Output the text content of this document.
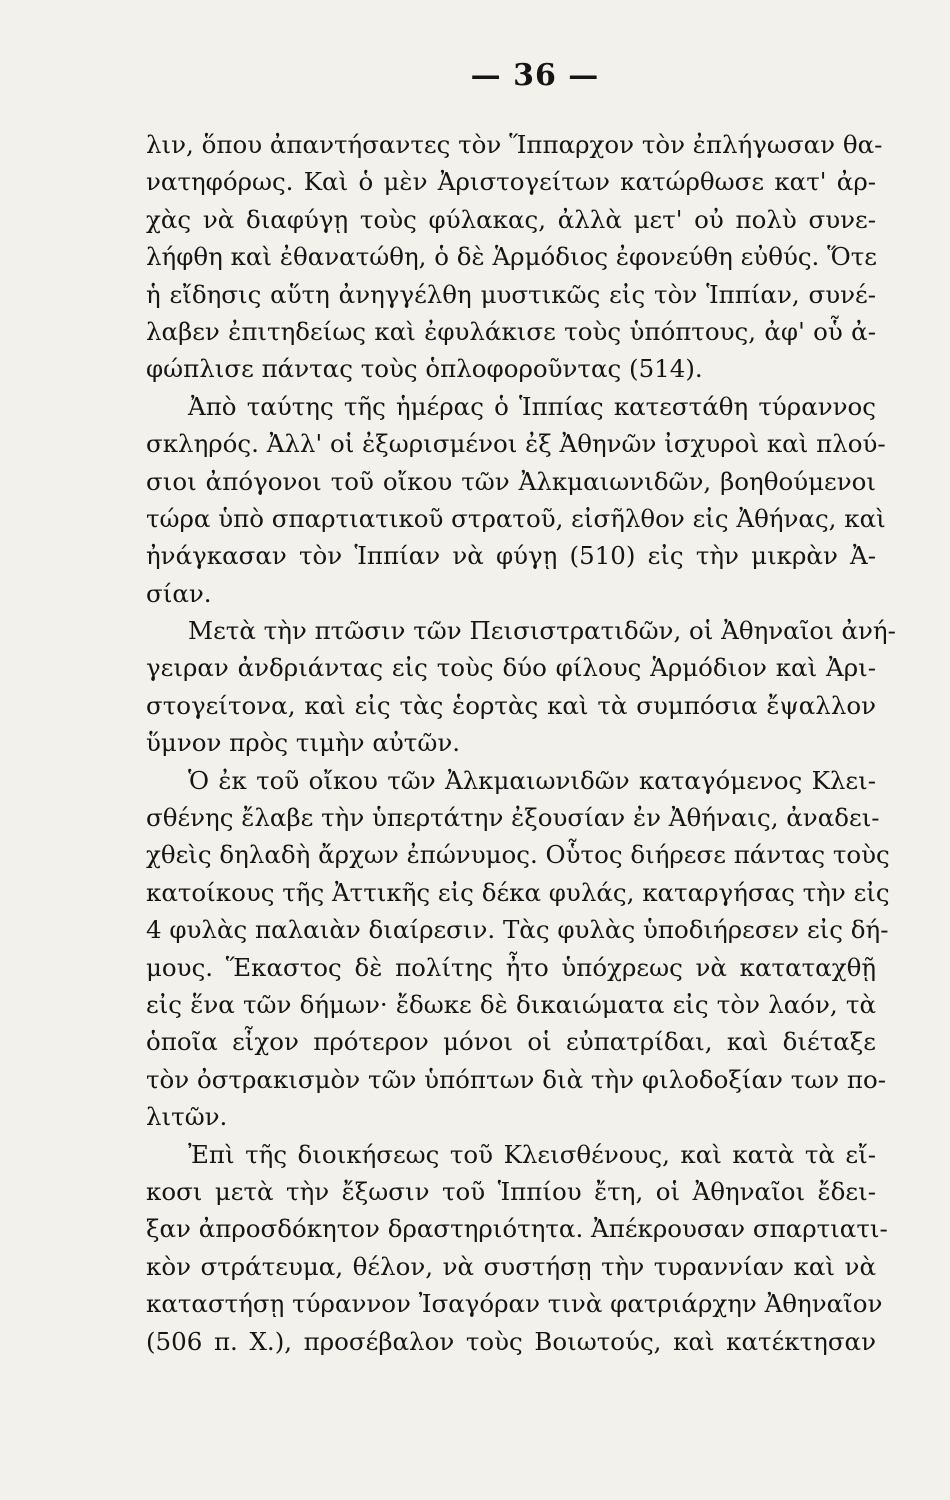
— 36 —
λιν, ὅπου ἀπαντήσαντες τὸν Ἵππαρχον τὸν ἐπλήγωσαν θα-
νατηφόρως. Καὶ ὁ μὲν Ἀριστογείτων κατώρθωσε κατ' ἀρ-
χὰς νὰ διαφύγῃ τοὺς φύλακας, ἀλλὰ μετ' οὐ πολὺ συνε-
λήφθη καὶ ἐθανατώθη, ὁ δὲ Ἁρμόδιος ἐφονεύθη εὐθύς. Ὅτε
ἡ εἴδησις αὕτη ἀνηγγέλθη μυστικῶς εἰς τὸν Ἱππίαν, συνέ-
λαβεν ἐπιτηδείως καὶ ἐφυλάκισε τοὺς ὑπόπτους, ἀφ' οὗ ἀ-
φώπλισε πάντας τοὺς ὁπλοφοροῦντας (514).
Ἀπὸ ταύτης τῆς ἡμέρας ὁ Ἱππίας κατεστάθη τύραννος
σκληρός. Ἀλλ' οἱ ἐξωρισμένοι ἐξ Ἀθηνῶν ἰσχυροὶ καὶ πλού-
σιοι ἀπόγονοι τοῦ οἴκου τῶν Ἀλκμαιωνιδῶν, βοηθούμενοι
τώρα ὑπὸ σπαρτιατικοῦ στρατοῦ, εἰσῆλθον εἰς Ἀθήνας, καὶ
ἠνάγκασαν τὸν Ἱππίαν νὰ φύγῃ (510) εἰς τὴν μικρὰν Ἀ-
σίαν.
Μετὰ τὴν πτῶσιν τῶν Πεισιστρατιδῶν, οἱ Ἀθηναῖοι ἀνή-
γειραν ἀνδριάντας εἰς τοὺς δύο φίλους Ἁρμόδιον καὶ Ἀρι-
στογείτονα, καὶ εἰς τὰς ἑορτὰς καὶ τὰ συμπόσια ἔψαλλον
ὕμνον πρὸς τιμὴν αὐτῶν.
Ὁ ἐκ τοῦ οἴκου τῶν Ἀλκμαιωνιδῶν καταγόμενος Κλει-
σθένης ἔλαβε τὴν ὑπερτάτην ἐξουσίαν ἐν Ἀθήναις, ἀναδει-
χθεὶς δηλαδὴ ἄρχων ἐπώνυμος. Οὗτος διήρεσε πάντας τοὺς
κατοίκους τῆς Ἀττικῆς εἰς δέκα φυλάς, καταργήσας τὴν εἰς
4 φυλὰς παλαιὰν διαίρεσιν. Τὰς φυλὰς ὑποδιήρεσεν εἰς δή-
μους. Ἕκαστος δὲ πολίτης ἦτο ὑπόχρεως νὰ καταταχθῇ
εἰς ἕνα τῶν δήμων· ἔδωκε δὲ δικαιώματα εἰς τὸν λαόν, τὰ
ὁποῖα εἶχον πρότερον μόνοι οἱ εὐπατρίδαι, καὶ διέταξε
τὸν ὀστρακισμὸν τῶν ὑπόπτων διὰ τὴν φιλοδοξίαν των πο-
λιτῶν.
Ἐπὶ τῆς διοικήσεως τοῦ Κλεισθένους, καὶ κατὰ τὰ εἴ-
κοσι μετὰ τὴν ἔξωσιν τοῦ Ἱππίου ἔτη, οἱ Ἀθηναῖοι ἔδει-
ξαν ἀπροσδόκητον δραστηριότητα. Ἀπέκρουσαν σπαρτιατι-
κὸν στράτευμα, θέλον, νὰ συστήσῃ τὴν τυραννίαν καὶ νὰ
καταστήσῃ τύραννον Ἰσαγόραν τινὰ φατριάρχην Ἀθηναῖον
(506 π. Χ.), προσέβαλον τοὺς Βοιωτούς, καὶ κατέκτησαν
